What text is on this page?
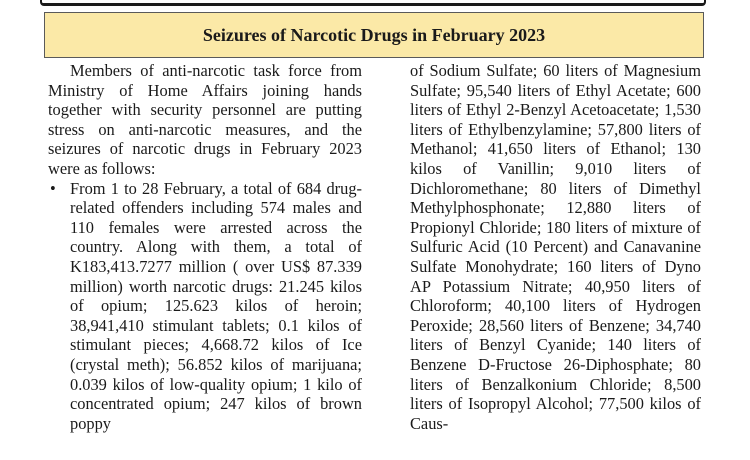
Seizures of Narcotic Drugs in February 2023

Members of anti-narcotic task force from Ministry of Home Affairs joining hands together with security personnel are putting stress on anti-narcotic measures, and the seizures of narcotic drugs in February 2023 were as follows:

• From 1 to 28 February, a total of 684 drug-related offenders including 574 males and 110 females were arrested across the country. Along with them, a total of K183,413.7277 million ( over US$ 87.339 million) worth narcotic drugs: 21.245 kilos of opium; 125.623 kilos of heroin; 38,941,410 stimulant tablets; 0.1 kilos of stimulant pieces; 4,668.72 kilos of Ice (crystal meth); 56.852 kilos of marijuana; 0.039 kilos of low-quality opium; 1 kilo of concentrated opium; 247 kilos of brown poppy

of Sodium Sulfate; 60 liters of Magnesium Sulfate; 95,540 liters of Ethyl Acetate; 600 liters of Ethyl 2-Benzyl Acetoacetate; 1,530 liters of Ethylbenzylamine; 57,800 liters of Methanol; 41,650 liters of Ethanol; 130 kilos of Vanillin; 9,010 liters of Dichloromethane; 80 liters of Dimethyl Methylphosphonate; 12,880 liters of Propionyl Chloride; 180 liters of mixture of Sulfuric Acid (10 Percent) and Canavanine Sulfate Monohydrate; 160 liters of Dyno AP Potassium Nitrate; 40,950 liters of Chloroform; 40,100 liters of Hydrogen Peroxide; 28,560 liters of Benzene; 34,740 liters of Benzyl Cyanide; 140 liters of Benzene D-Fructose 26-Diphosphate; 80 liters of Benzalkonium Chloride; 8,500 liters of Isopropyl Alcohol; 77,500 kilos of Caus-
